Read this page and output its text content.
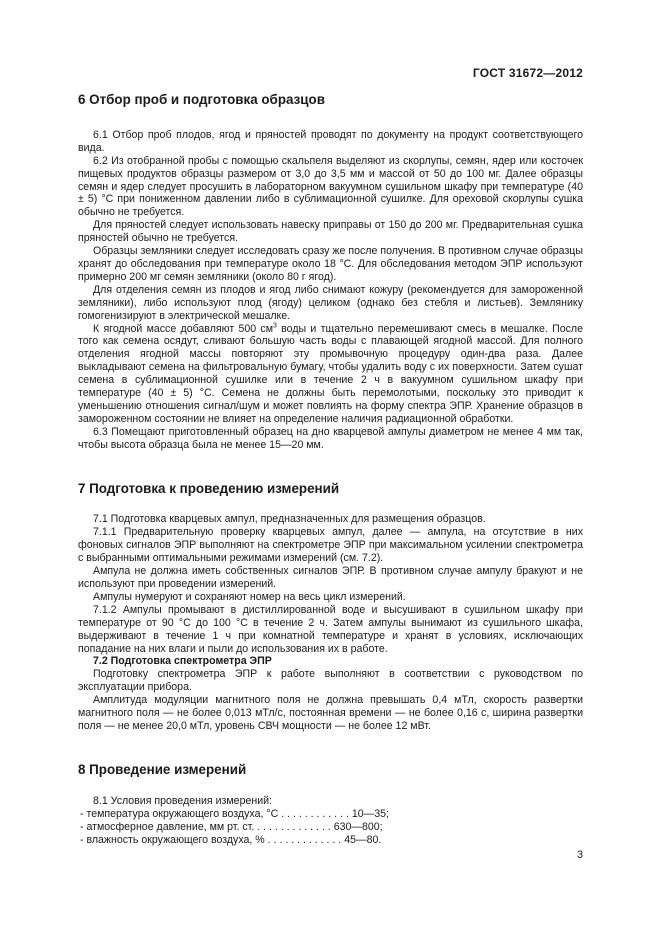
ГОСТ 31672—2012
6 Отбор проб и подготовка образцов

6.1 Отбор проб плодов, ягод и пряностей проводят по документу на продукт соответствующего вида.

6.2 Из отобранной пробы с помощью скальпеля выделяют из скорлупы, семян, ядер или косточек пищевых продуктов образцы размером от 3,0 до 3,5 мм и массой от 50 до 100 мг. Далее образцы семян и ядер следует просушить в лабораторном вакуумном сушильном шкафу при температуре (40 ± 5) °С при пониженном давлении либо в сублимационной сушилке. Для ореховой скорлупы сушка обычно не требуется.

Для пряностей следует использовать навеску приправы от 150 до 200 мг. Предварительная сушка пряностей обычно не требуется.

Образцы земляники следует исследовать сразу же после получения. В противном случае образцы хранят до обследования при температуре около 18 °С. Для обследования методом ЭПР используют примерно 200 мг семян земляники (около 80 г ягод).

Для отделения семян из плодов и ягод либо снимают кожуру (рекомендуется для замороженной земляники), либо используют плод (ягоду) целиком (однако без стебля и листьев). Землянику гомогенизируют в электрической мешалке.

К ягодной массе добавляют 500 $см^3$ воды и тщательно перемешивают смесь в мешалке. После того как семена осядут, сливают большую часть воды с плавающей ягодной массой. Для полного отделения ягодной массы повторяют эту промывочную процедуру один-два раза. Далее выкладывают семена на фильтровальную бумагу, чтобы удалить воду с их поверхности. Затем сушат семена в сублимационной сушилке или в течение 2 ч в вакуумном сушильном шкафу при температуре (40 ± 5) °С. Семена не должны быть перемолотыми, поскольку это приводит к уменьшению отношения сигнал/шум и может повлиять на форму спектра ЭПР. Хранение образцов в замороженном состоянии не влияет на определение наличия радиационной обработки.

6.3 Помещают приготовленный образец на дно кварцевой ампулы диаметром не менее 4 мм так, чтобы высота образца была не менее 15—20 мм.

7 Подготовка к проведению измерений

7.1 Подготовка кварцевых ампул, предназначенных для размещения образцов.

7.1.1 Предварительную проверку кварцевых ампул, далее — ампула, на отсутствие в них фоновых сигналов ЭПР выполняют на спектрометре ЭПР при максимальном усилении спектрометра с выбранными оптимальными режимами измерений (см. 7.2).

Ампула не должна иметь собственных сигналов ЭПР. В противном случае ампулу бракуют и не используют при проведении измерений.

Ампулы нумеруют и сохраняют номер на весь цикл измерений.

7.1.2 Ампулы промывают в дистиллированной воде и высушивают в сушильном шкафу при температуре от 90 °С до 100 °С в течение 2 ч. Затем ампулы вынимают из сушильного шкафа, выдерживают в течение 1 ч при комнатной температуре и хранят в условиях, исключающих попадание на них влаги и пыли до использования их в работе.

7.2 Подготовка спектрометра ЭПР

Подготовку спектрометра ЭПР к работе выполняют в соответствии с руководством по эксплуатации прибора.

Амплитуда модуляции магнитного поля не должна превышать 0,4 мТл, скорость развертки магнитного поля — не более 0,013 мТл/с, постоянная времени — не более 0,16 с, ширина развертки поля — не менее 20,0 мТл, уровень СВЧ мощности — не более 12 мВт.

8 Проведение измерений

8.1 Условия проведения измерений:

- температура окружающего воздуха, °С . . . . . . . . . . . . 10—35;
- атмосферное давление, мм рт. ст. . . . . . . . . . . . . . 630—800;
- влажность окружающего воздуха, % . . . . . . . . . . . . . 45—80.
3
